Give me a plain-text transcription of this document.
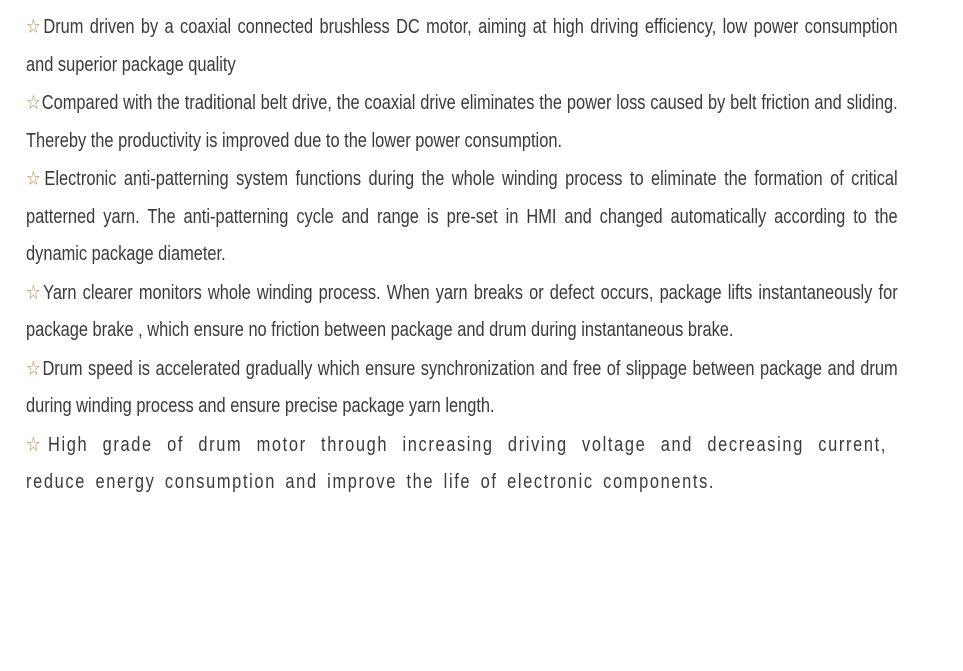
☆Drum driven by a coaxial connected brushless DC motor, aiming at high driving efficiency, low power consumption and superior package quality

☆Compared with the traditional belt drive, the coaxial drive eliminates the power loss caused by belt friction and sliding. Thereby the productivity is improved due to the lower power consumption.

☆Electronic anti-patterning system functions during the whole winding process to eliminate the formation of critical patterned yarn. The anti-patterning cycle and range is pre-set in HMI and changed automatically according to the dynamic package diameter.

☆Yarn clearer monitors whole winding process. When yarn breaks or defect occurs, package lifts instantaneously for package brake , which ensure no friction between package and drum during instantaneous brake.

☆Drum speed is accelerated gradually which ensure synchronization and free of slippage between package and drum during winding process and ensure precise package yarn length.

☆High grade of drum motor through increasing driving voltage and decreasing current, reduce energy consumption and improve the life of electronic components.
